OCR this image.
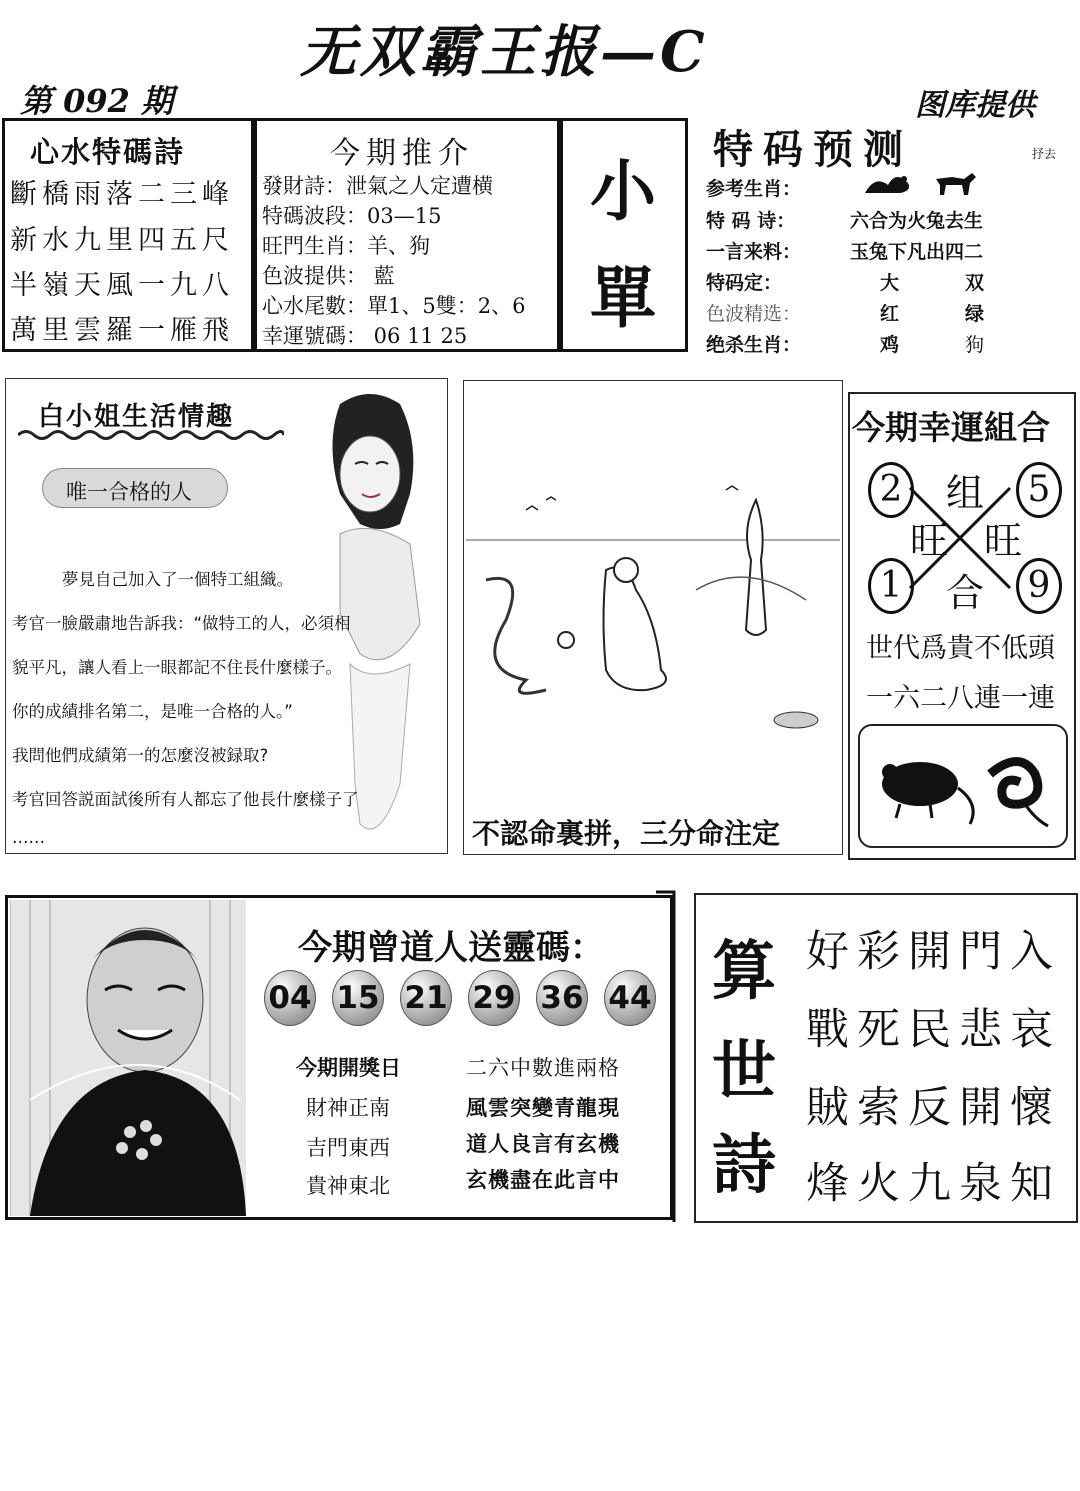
无双霸王报—C
第 092 期	图库提供
心水特碼詩
斷橋雨落二三峰
新水九里四五尺
半嶺天風一九八
萬里雲羅一雁飛
今期推介
發財詩：泄氣之人定遭横
特碼波段：03—15
旺門生肖：羊、狗
色波提供： 藍
心水尾數：單1、5雙：2、6
幸運號碼： 06 11 25
小
單
特码预测	抒去
参考生肖：
特 码 诗：	六合为火兔去生
一言来料：	玉兔下凡出四二
特码定：	大	双
色波精选：	红	绿
绝杀生肖：	鸡	狗
白小姐生活情趣
唯一合格的人
夢見自己加入了一個特工組織。
考官一臉嚴肅地告訴我：“做特工的人，必須相
貌平凡，讓人看上一眼都記不住長什麼樣子。
你的成績排名第二，是唯一合格的人。”
我問他們成績第一的怎麼沒被録取?
考官回答説面試後所有人都忘了他長什麼樣子了
……	不認命裏拼，三分命注定
今期幸運組合
2	5
1	9
组
旺 旺
合
世代爲貴不低頭
一六二八連一連
今期曾道人送靈碼：
04 15 21 29 36 44
今期開獎日
財神正南
吉門東西
貴神東北
二六中數進兩格
風雲突變青龍現
道人良言有玄機
玄機盡在此言中
算
世
詩
好彩開門入
戰死民悲哀
賊索反開懷
烽火九泉知
